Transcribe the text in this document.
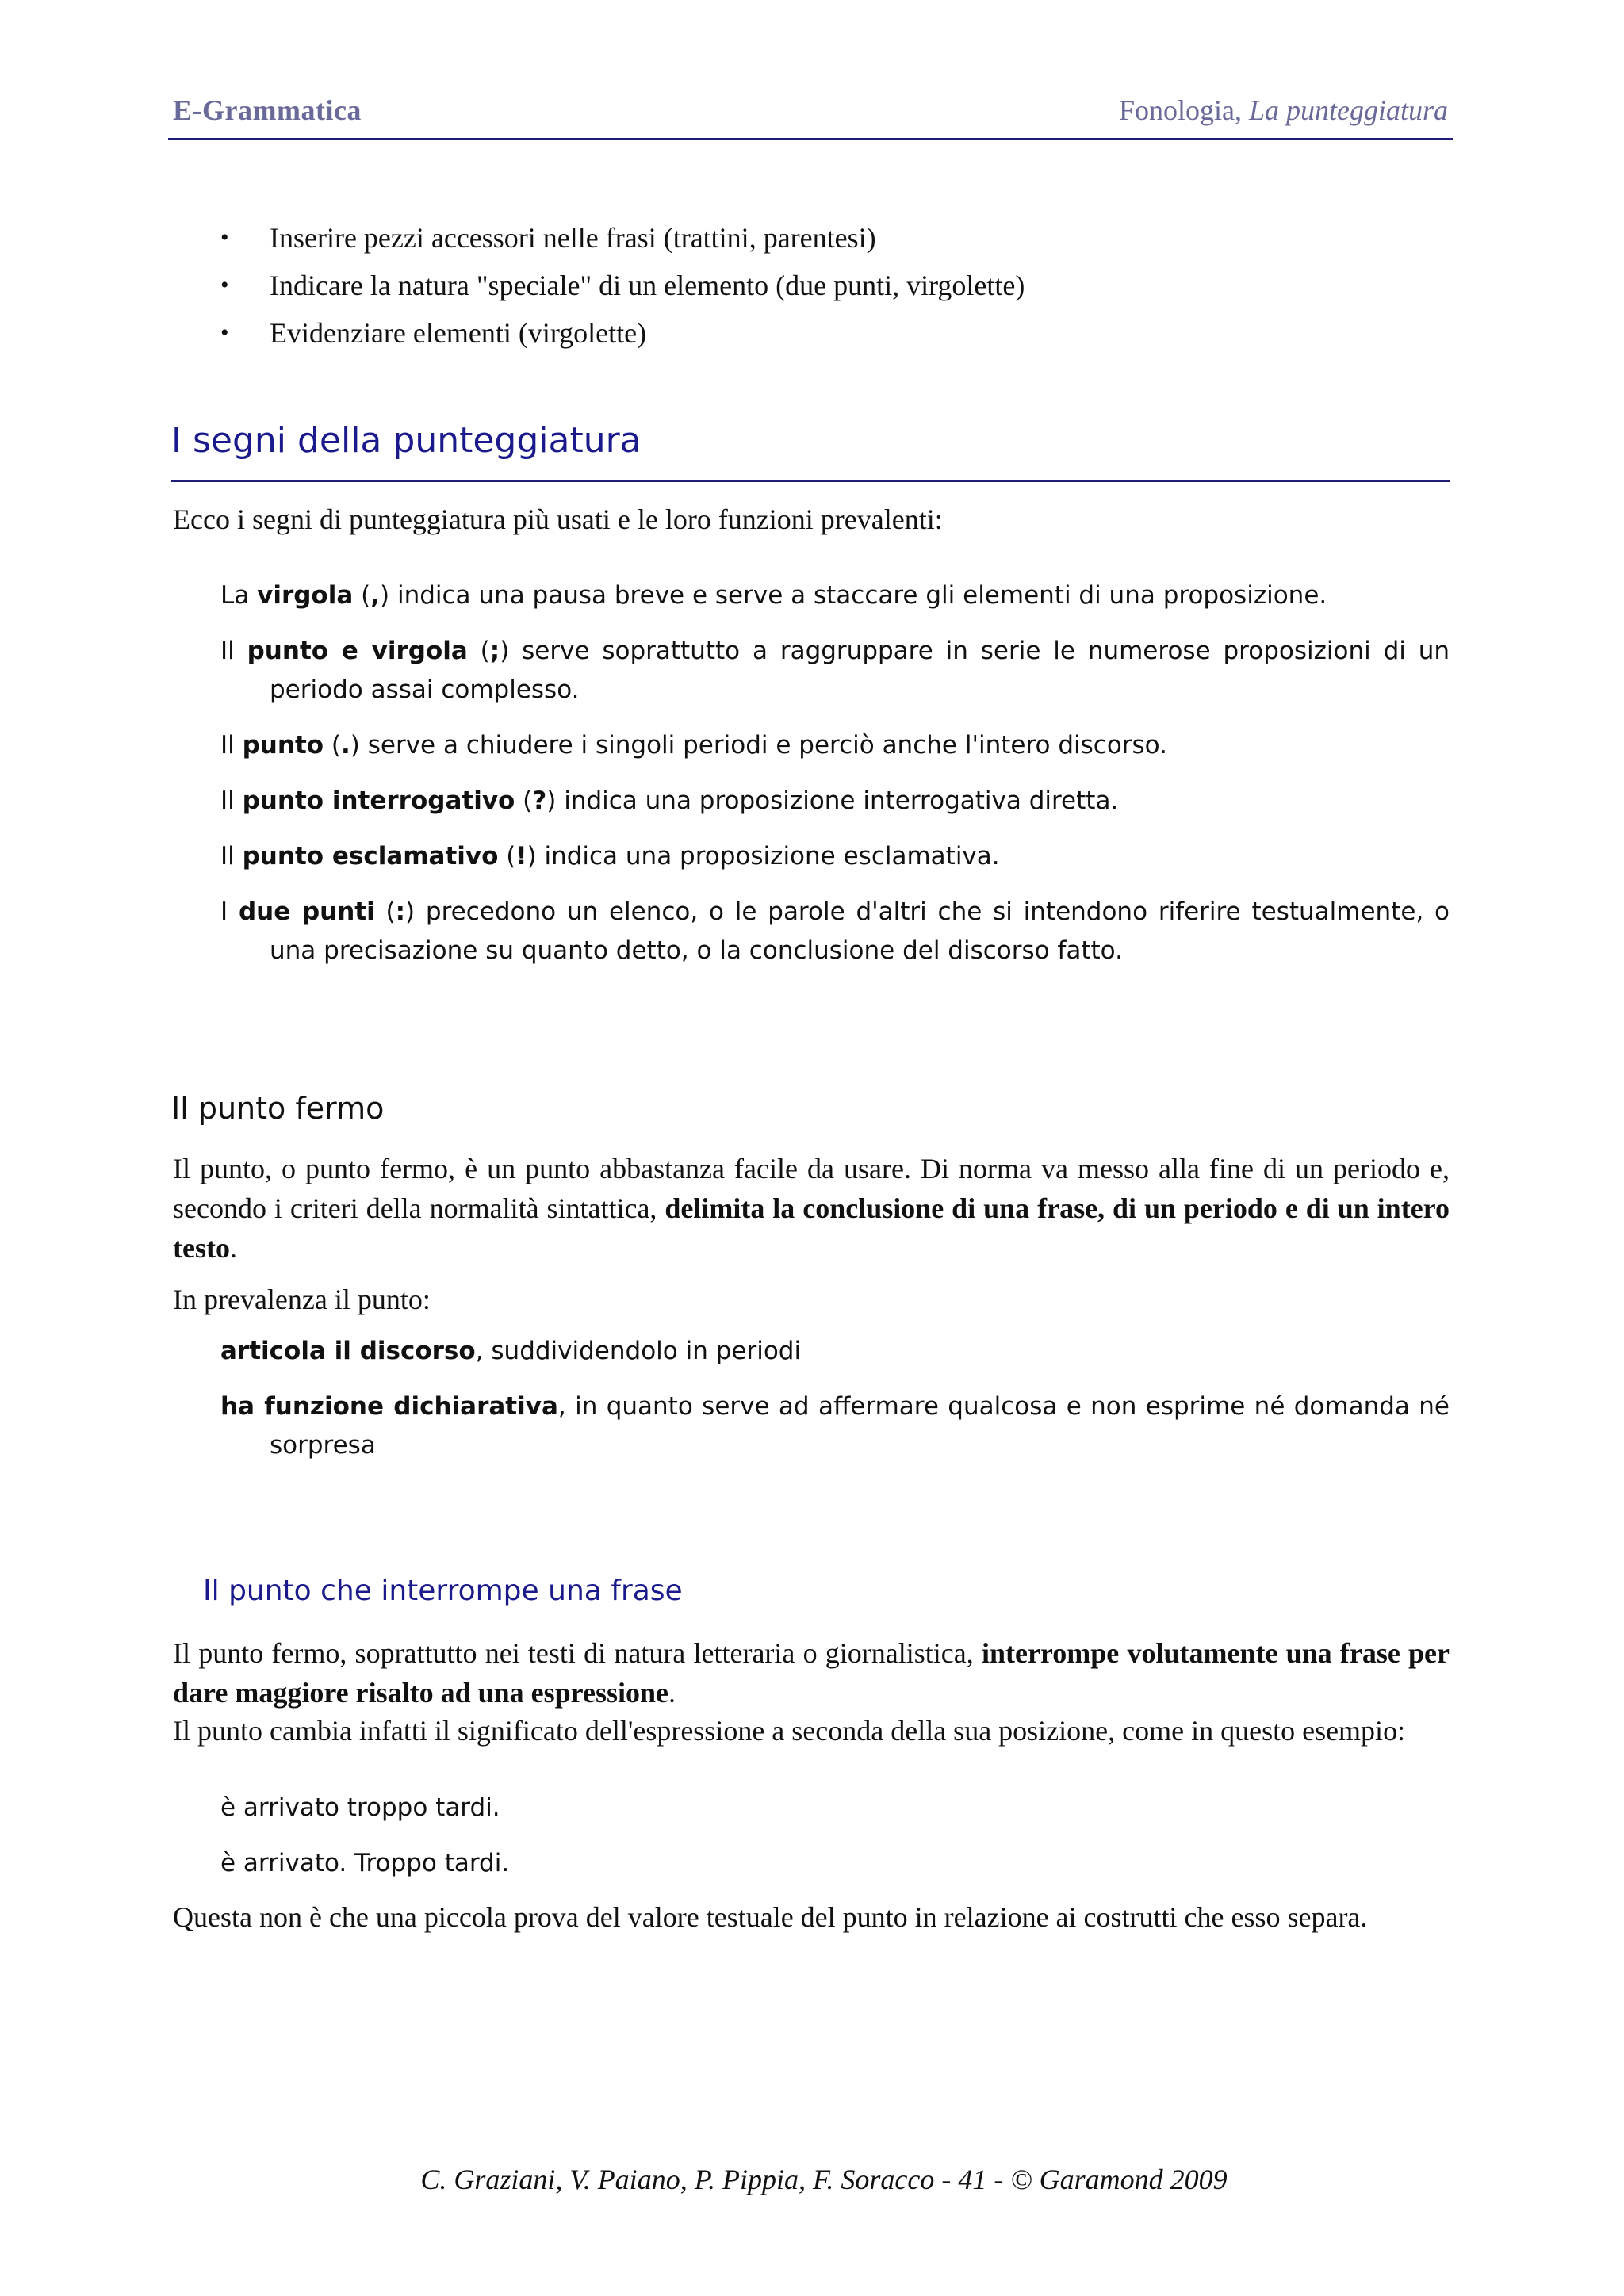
E-Grammatica	Fonologia, La punteggiatura
• Inserire pezzi accessori nelle frasi (trattini, parentesi)
• Indicare la natura "speciale" di un elemento (due punti, virgolette)
• Evidenziare elementi (virgolette)
I segni della punteggiatura
Ecco i segni di punteggiatura più usati e le loro funzioni prevalenti:
La virgola (,) indica una pausa breve e serve a staccare gli elementi di una proposizione.
Il punto e virgola (;) serve soprattutto a raggruppare in serie le numerose proposizioni di un periodo assai complesso.
Il punto (.) serve a chiudere i singoli periodi e perciò anche l'intero discorso.
Il punto interrogativo (?) indica una proposizione interrogativa diretta.
Il punto esclamativo (!) indica una proposizione esclamativa.
I due punti (:) precedono un elenco, o le parole d'altri che si intendono riferire testualmente, o una precisazione su quanto detto, o la conclusione del discorso fatto.
Il punto fermo
Il punto, o punto fermo, è un punto abbastanza facile da usare. Di norma va messo alla fine di un periodo e, secondo i criteri della normalità sintattica, delimita la conclusione di una frase, di un periodo e di un intero testo.
In prevalenza il punto:
articola il discorso, suddividendolo in periodi
ha funzione dichiarativa, in quanto serve ad affermare qualcosa e non esprime né domanda né sorpresa
Il punto che interrompe una frase
Il punto fermo, soprattutto nei testi di natura letteraria o giornalistica, interrompe volutamente una frase per dare maggiore risalto ad una espressione.
Il punto cambia infatti il significato dell'espressione a seconda della sua posizione, come in questo esempio:
è arrivato troppo tardi.
è arrivato. Troppo tardi.
Questa non è che una piccola prova del valore testuale del punto in relazione ai costrutti che esso separa.
C. Graziani, V. Paiano, P. Pippia, F. Soracco - 41 - © Garamond 2009
